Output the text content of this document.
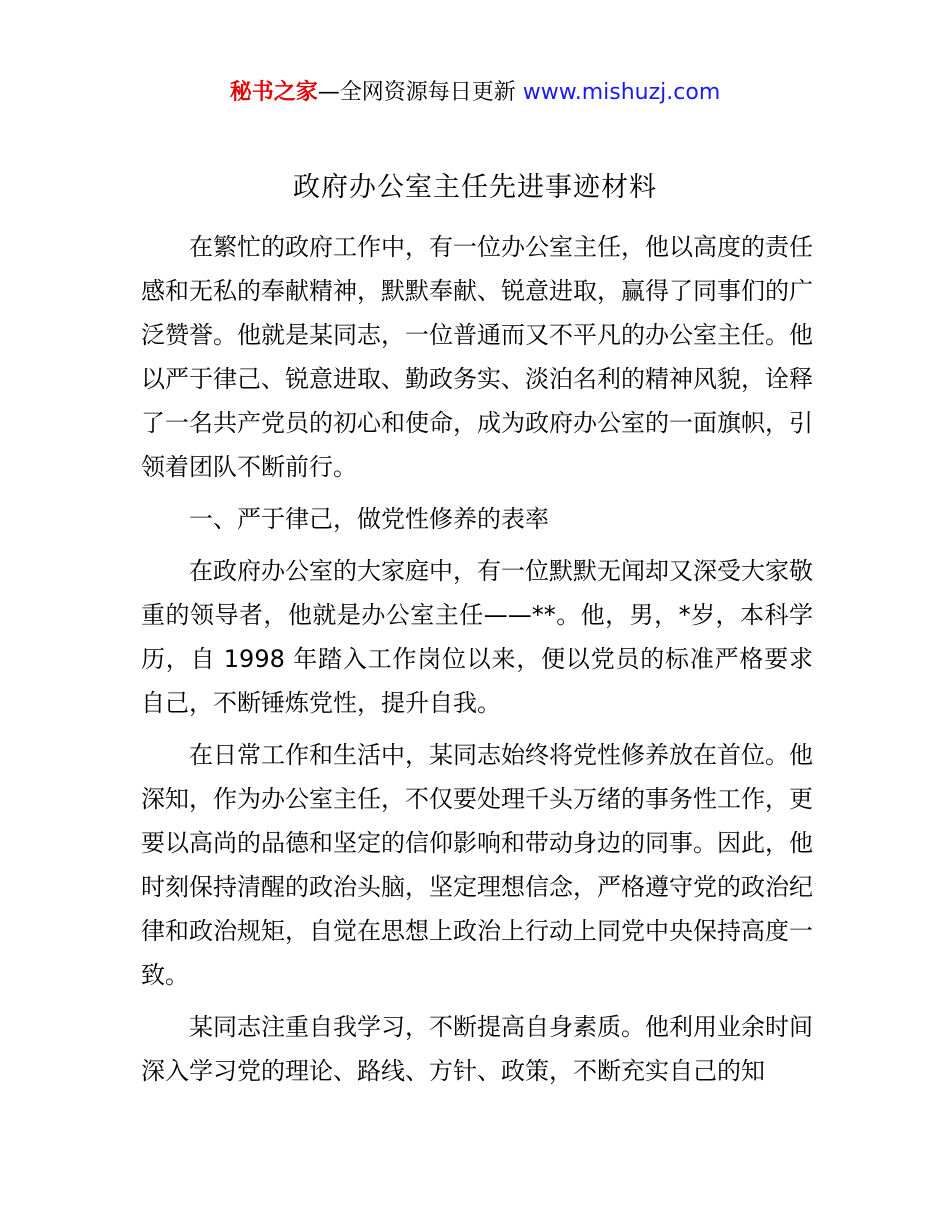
秘书之家—全网资源每日更新 www.mishuzj.com
政府办公室主任先进事迹材料

在繁忙的政府工作中，有一位办公室主任，他以高度的责任感和无私的奉献精神，默默奉献、锐意进取，赢得了同事们的广泛赞誉。他就是某同志，一位普通而又不平凡的办公室主任。他以严于律己、锐意进取、勤政务实、淡泊名利的精神风貌，诠释了一名共产党员的初心和使命，成为政府办公室的一面旗帜，引领着团队不断前行。

一、严于律己，做党性修养的表率

在政府办公室的大家庭中，有一位默默无闻却又深受大家敬重的领导者，他就是办公室主任——**。他，男，*岁，本科学历，自 1998 年踏入工作岗位以来，便以党员的标准严格要求自己，不断锤炼党性，提升自我。

在日常工作和生活中，某同志始终将党性修养放在首位。他深知，作为办公室主任，不仅要处理千头万绪的事务性工作，更要以高尚的品德和坚定的信仰影响和带动身边的同事。因此，他时刻保持清醒的政治头脑，坚定理想信念，严格遵守党的政治纪律和政治规矩，自觉在思想上政治上行动上同党中央保持高度一致。

某同志注重自我学习，不断提高自身素质。他利用业余时间深入学习党的理论、路线、方针、政策，不断充实自己的知
